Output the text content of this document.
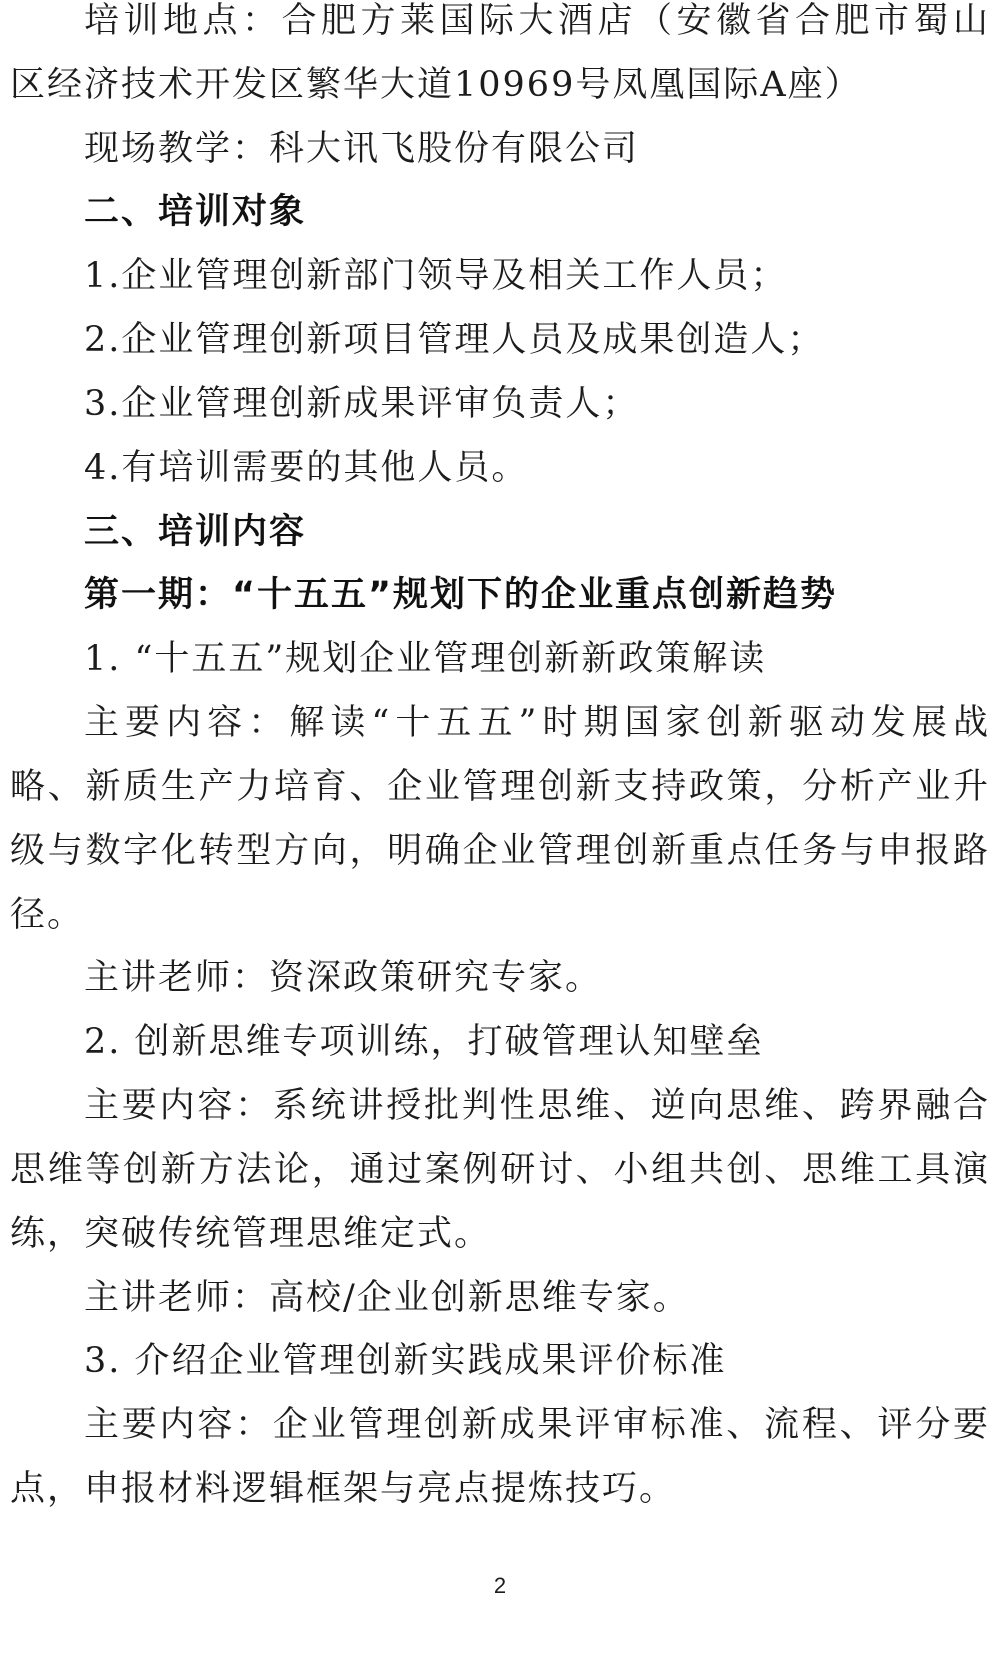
培训地点：合肥方莱国际大酒店（安徽省合肥市蜀山
区经济技术开发区繁华大道10969号凤凰国际A座）
现场教学：科大讯飞股份有限公司
二、培训对象
1.企业管理创新部门领导及相关工作人员；
2.企业管理创新项目管理人员及成果创造人；
3.企业管理创新成果评审负责人；
4.有培训需要的其他人员。
三、培训内容
第一期：“十五五”规划下的企业重点创新趋势
1. “十五五”规划企业管理创新新政策解读
主要内容：解读“十五五”时期国家创新驱动发展战
略、新质生产力培育、企业管理创新支持政策，分析产业升
级与数字化转型方向，明确企业管理创新重点任务与申报路
径。
主讲老师：资深政策研究专家。
2. 创新思维专项训练，打破管理认知壁垒
主要内容：系统讲授批判性思维、逆向思维、跨界融合
思维等创新方法论，通过案例研讨、小组共创、思维工具演
练，突破传统管理思维定式。
主讲老师：高校/企业创新思维专家。
3. 介绍企业管理创新实践成果评价标准
主要内容：企业管理创新成果评审标准、流程、评分要
点，申报材料逻辑框架与亮点提炼技巧。
2
